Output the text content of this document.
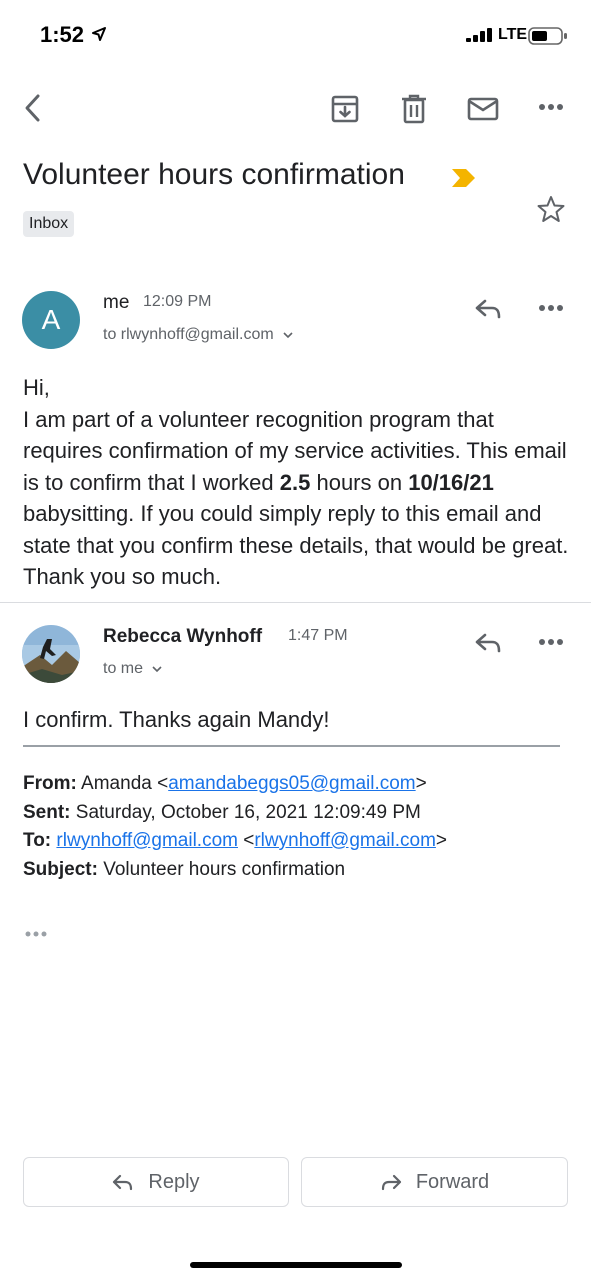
1:52	LTE
Volunteer hours confirmation
Inbox
A
me 12:09 PM
to rlwynhoff@gmail.com
Hi,
I am part of a volunteer recognition program that requires confirmation of my service activities. This email is to confirm that I worked 2.5 hours on 10/16/21 babysitting. If you could simply reply to this email and state that you confirm these details, that would be great. Thank you so much.
Rebecca Wynhoff 1:47 PM
to me
I confirm. Thanks again Mandy!
From: Amanda <amandabeggs05@gmail.com>
Sent: Saturday, October 16, 2021 12:09:49 PM
To: rlwynhoff@gmail.com <rlwynhoff@gmail.com>
Subject: Volunteer hours confirmation
Reply	Forward
